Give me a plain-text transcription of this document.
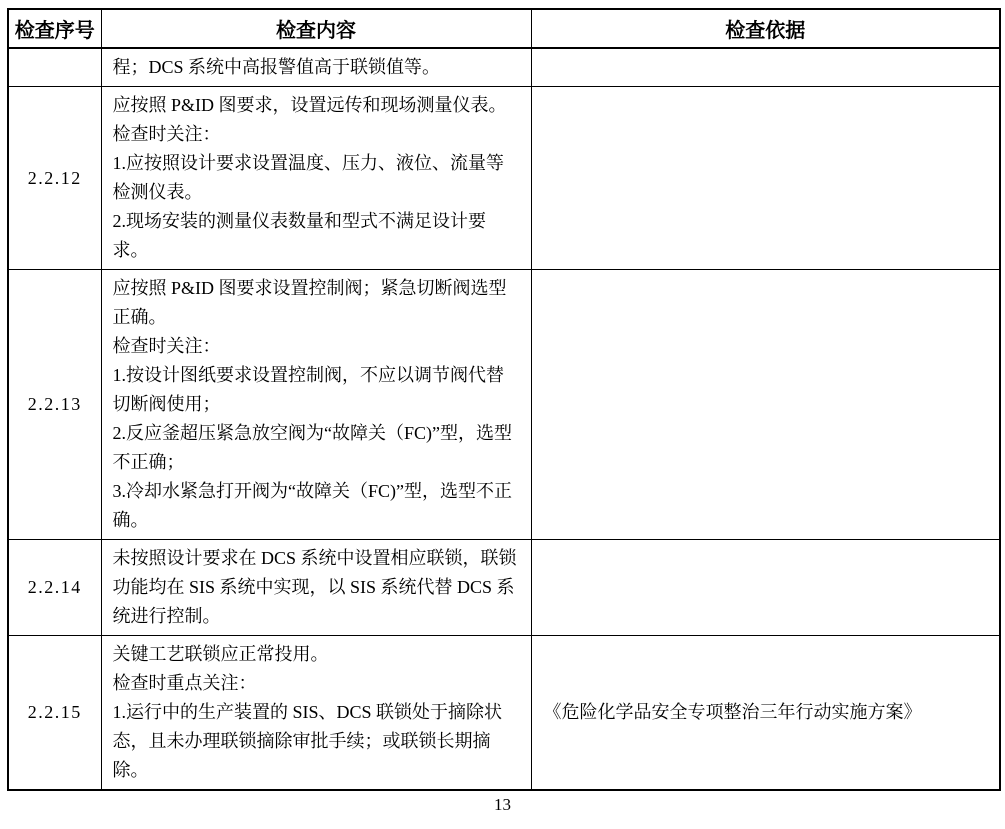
检查序号	检查内容	检查依据

	程；DCS 系统中高报警值高于联锁值等。	

2.2.12	应按照 P&ID 图要求，设置远传和现场测量仪表。
检查时关注：
1.应按照设计要求设置温度、压力、液位、流量等检测仪表。
2.现场安装的测量仪表数量和型式不满足设计要求。	

2.2.13	应按照 P&ID 图要求设置控制阀；紧急切断阀选型正确。
检查时关注：
1.按设计图纸要求设置控制阀，不应以调节阀代替切断阀使用；
2.反应釜超压紧急放空阀为“故障关（FC)”型，选型不正确；
3.冷却水紧急打开阀为“故障关（FC)”型，选型不正确。	

2.2.14	未按照设计要求在 DCS 系统中设置相应联锁，联锁功能均在 SIS 系统中实现，以 SIS 系统代替 DCS 系统进行控制。	

2.2.15	关键工艺联锁应正常投用。
检查时重点关注：
1.运行中的生产装置的 SIS、DCS 联锁处于摘除状态，且未办理联锁摘除审批手续；或联锁长期摘除。	《危险化学品安全专项整治三年行动实施方案》
13
